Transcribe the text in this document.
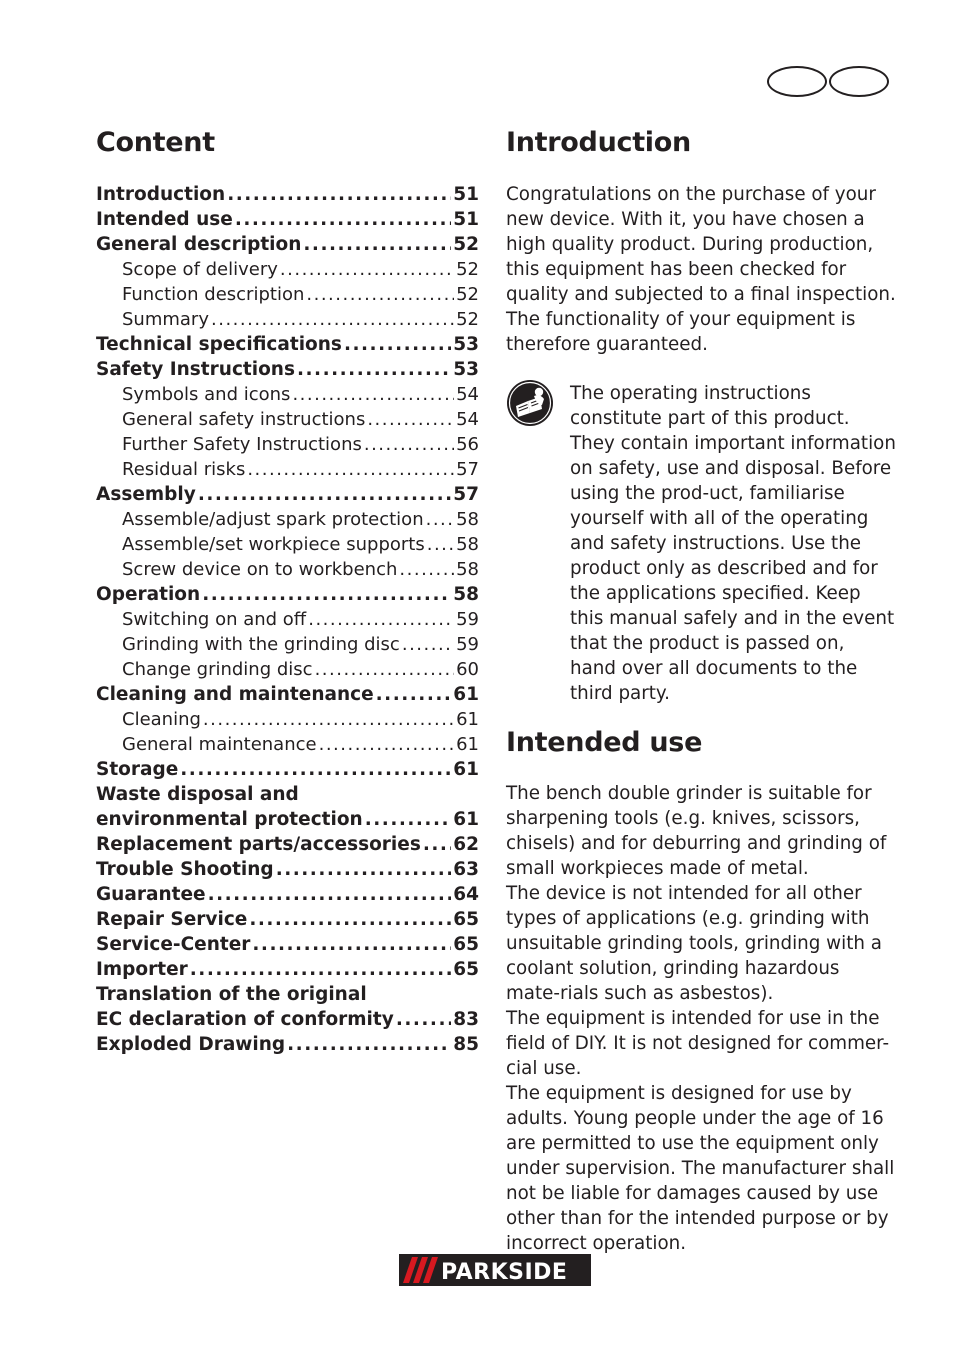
Content
Introduction .....	51
Intended use .....	51
General description .....	52
Scope of delivery .....	52
Function description .....	52
Summary .....	52
Technical specifications .....	53
Safety Instructions .....	53
Symbols and icons .....	54
General safety instructions .....	54
Further Safety Instructions .....	56
Residual risks .....	57
Assembly .....	57
Assemble/adjust spark protection ..... 58
Assemble/set workpiece supports ..... 58
Screw device on to workbench .....	58
Operation .....	58
Switching on and off .....	59
Grinding with the grinding disc .....	59
Change grinding disc .....	60
Cleaning and maintenance .....	61
Cleaning .....	61
General maintenance .....	61
Storage .....	61
Waste disposal and
environmental protection .....	61
Replacement parts/accessories ..... 62
Trouble Shooting .....	63
Guarantee .....	64
Repair Service .....	65
Service-Center .....	65
Importer .....	65
Translation of the original
EC declaration of conformity .....	83
Exploded Drawing .....	85
Introduction

Congratulations on the purchase of your new device. With it, you have chosen a high quality product. During production, this equipment has been checked for quality and subjected to a final inspection. The functionality of your equipment is therefore guaranteed.

The operating instructions constitute part of this product. They contain important information on safety, use and disposal. Before using the prod-uct, familiarise yourself with all of the operating and safety instructions. Use the product only as described and for the applications specified. Keep this manual safely and in the event that the product is passed on, hand over all documents to the third party.

Intended use

The bench double grinder is suitable for sharpening tools (e.g. knives, scissors, chisels) and for deburring and grinding of small workpieces made of metal.

The device is not intended for all other types of applications (e.g. grinding with unsuitable grinding tools, grinding with a coolant solution, grinding hazardous mate-rials such as asbestos).

The equipment is intended for use in the field of DIY. It is not designed for commer-cial use.

The equipment is designed for use by adults. Young people under the age of 16 are permitted to use the equipment only under supervision. The manufacturer shall not be liable for damages caused by use other than for the intended purpose or by incorrect operation.

PARKSIDE
